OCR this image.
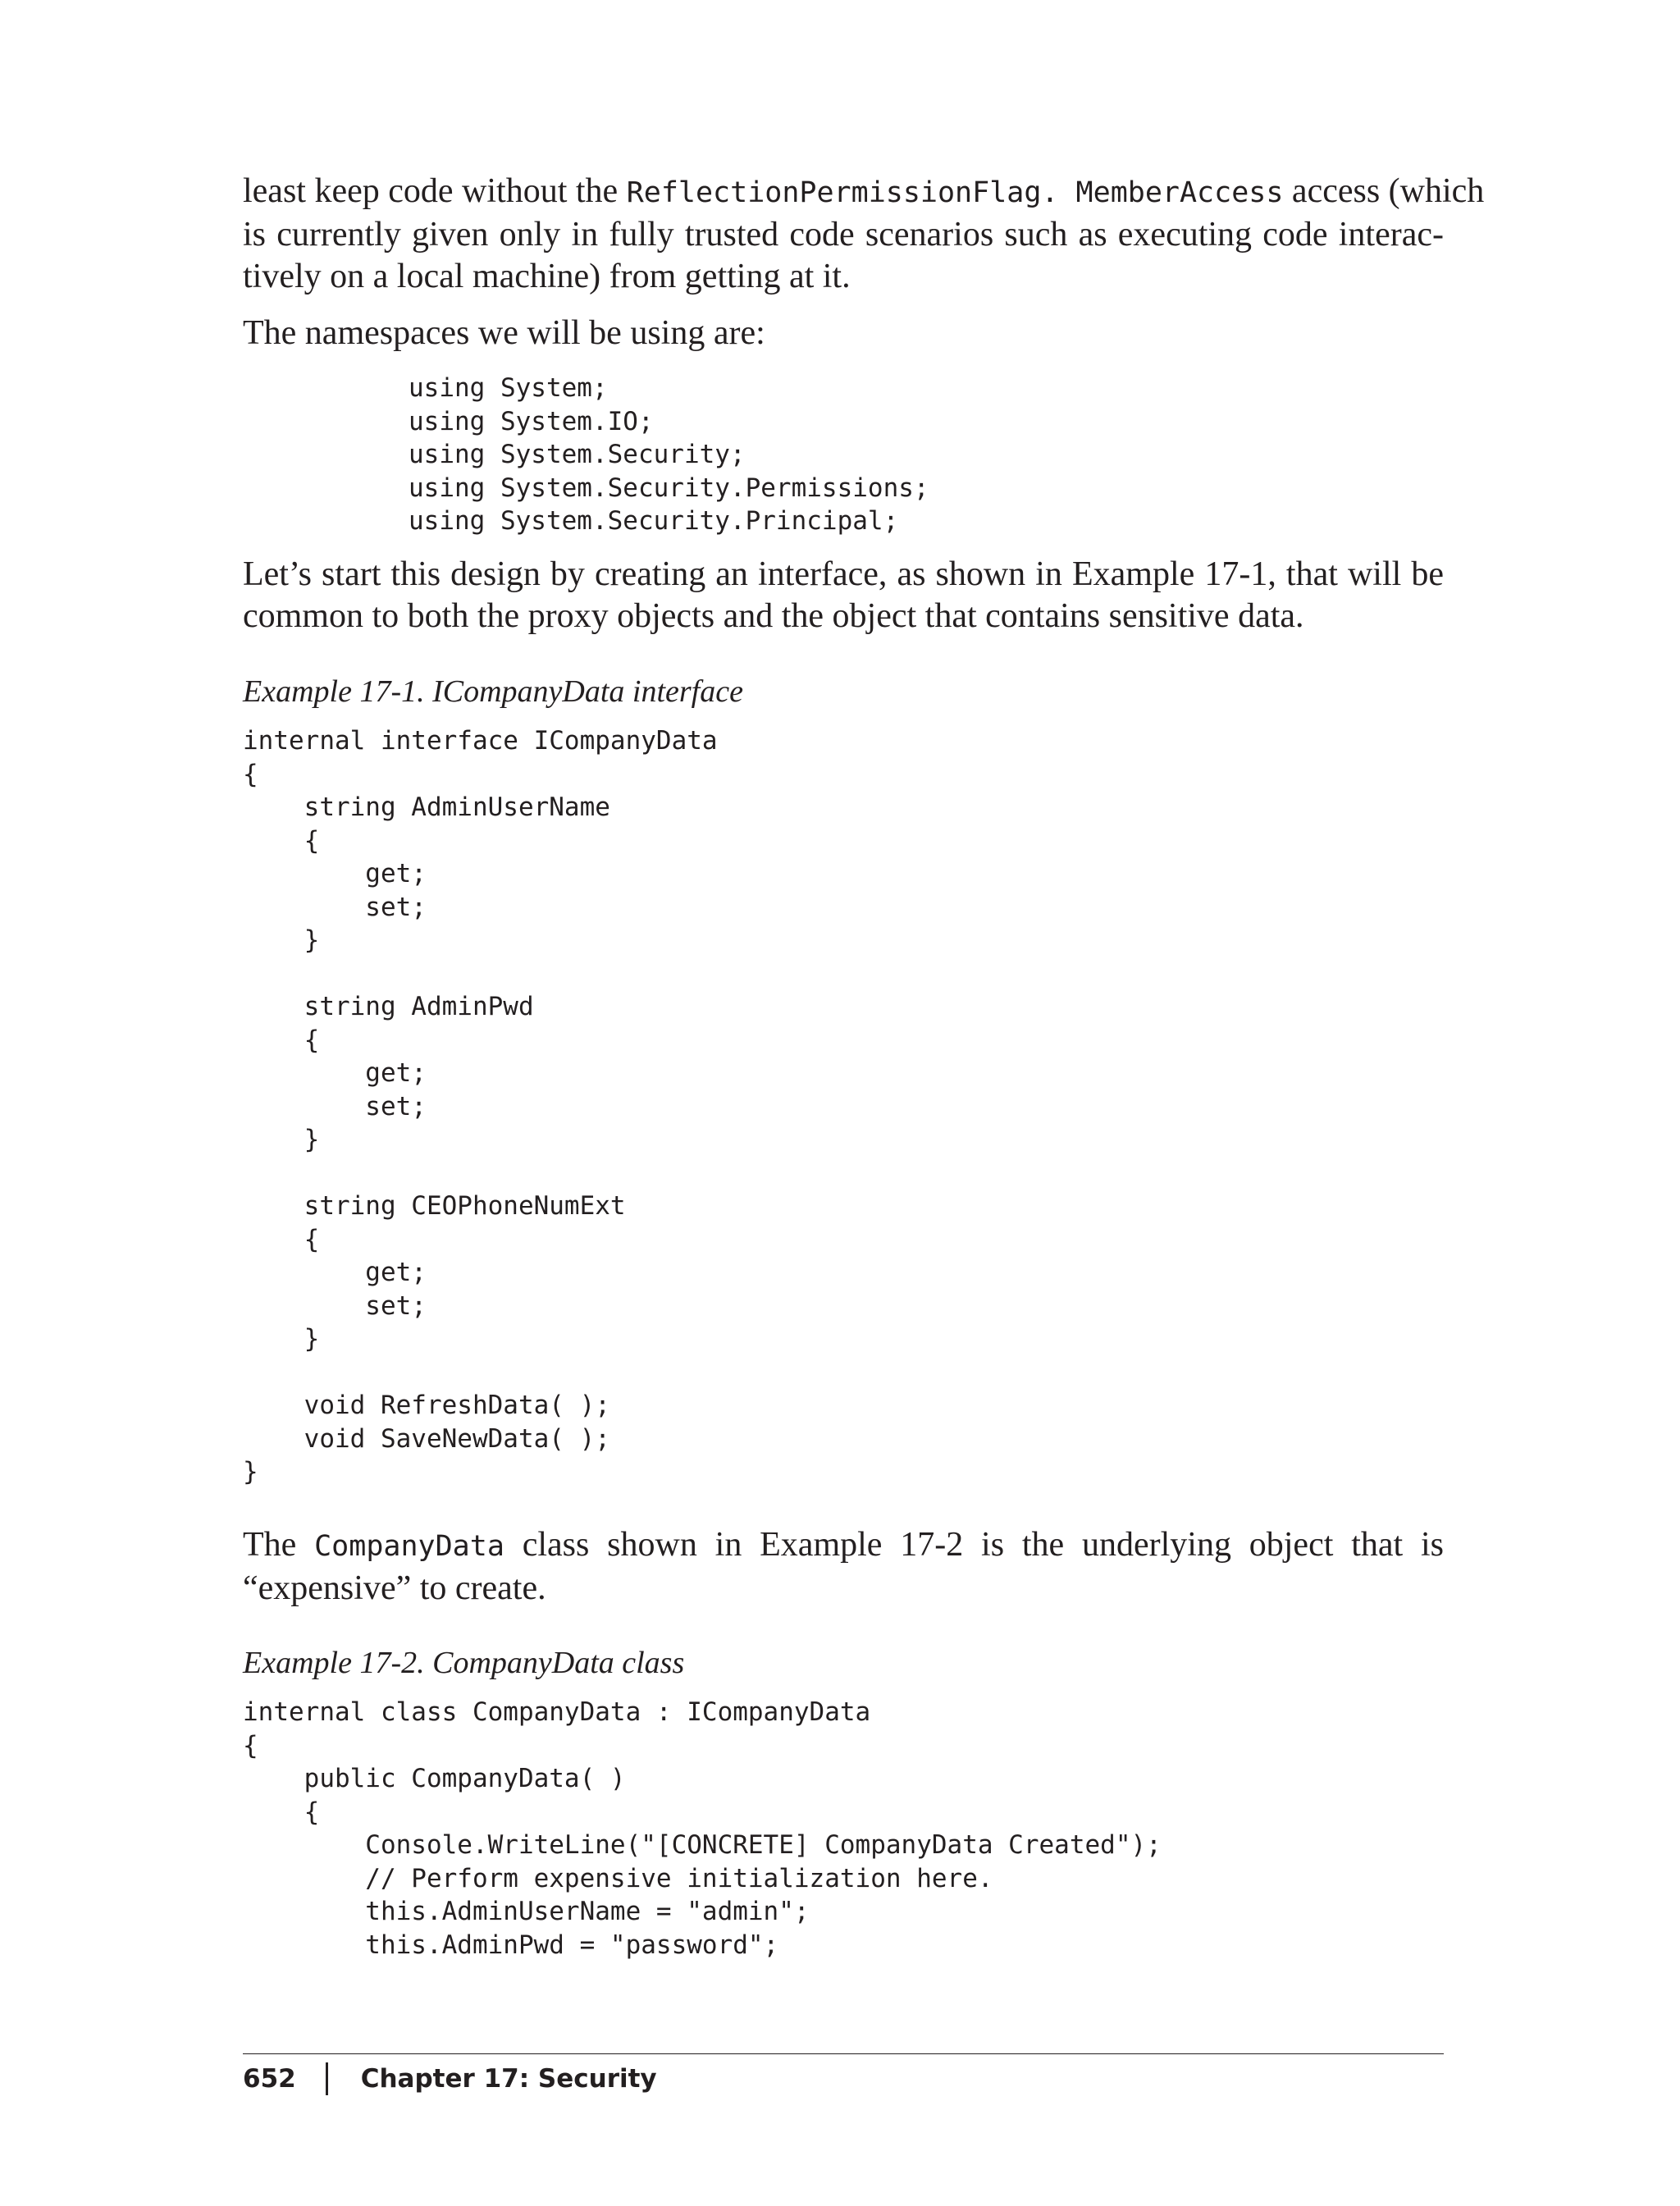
least keep code without the ReflectionPermissionFlag. MemberAccess access (which
is currently given only in fully trusted code scenarios such as executing code interac-
tively on a local machine) from getting at it.

The namespaces we will be using are:

using System;
using System.IO;
using System.Security;
using System.Security.Permissions;
using System.Security.Principal;

Let’s start this design by creating an interface, as shown in Example 17-1, that will be
common to both the proxy objects and the object that contains sensitive data.

Example 17-1. ICompanyData interface

internal interface ICompanyData
{
string AdminUserName
{
get;
set;
}
string AdminPwd
{
get;
set;
}
string CEOPhoneNumExt
{
get;
set;
}
void RefreshData( );
void SaveNewData( );
}

The CompanyData class shown in Example 17-2 is the underlying object that is
“expensive” to create.

Example 17-2. CompanyData class

internal class CompanyData : ICompanyData
{
public CompanyData( )
{
Console.WriteLine("[CONCRETE] CompanyData Created");
// Perform expensive initialization here.
this.AdminUserName = "admin";
this.AdminPwd = "password";
652	Chapter 17: Security
